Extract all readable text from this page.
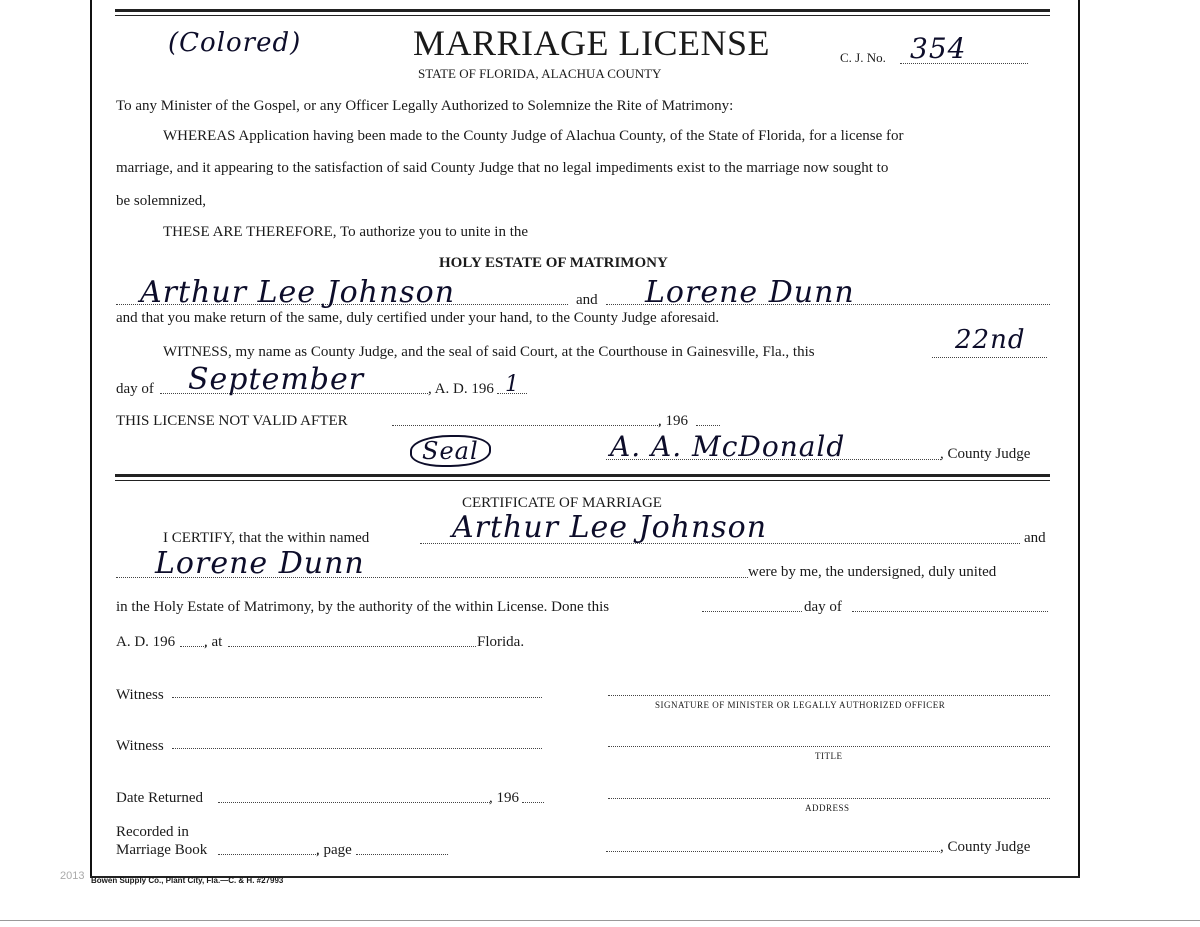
(Colored)	MARRIAGE LICENSE
STATE OF FLORIDA, ALACHUA COUNTY
C. J. No. 354
To any Minister of the Gospel, or any Officer Legally Authorized to Solemnize the Rite of Matrimony:
WHEREAS Application having been made to the County Judge of Alachua County, of the State of Florida, for a license for
marriage, and it appearing to the satisfaction of said County Judge that no legal impediments exist to the marriage now sought to
be solemnized,
THESE ARE THEREFORE, To authorize you to unite in the
HOLY ESTATE OF MATRIMONY
Arthur Lee Johnson	and Lorene Dunn
and that you make return of the same, duly certified under your hand, to the County Judge aforesaid.
WITNESS, my name as County Judge, and the seal of said Court, at the Courthouse in Gainesville, Fla., this	22nd
day of September	, A. D. 196 1
THIS LICENSE NOT VALID AFTER	, 196
Seal	A. A. McDonald	, County Judge
CERTIFICATE OF MARRIAGE
I CERTIFY, that the within named	Arthur Lee Johnson	and
Lorene Dunn	were by me, the undersigned, duly united
in the Holy Estate of Matrimony, by the authority of the within License. Done this	day of
A. D. 196 , at	Florida.
Witness
SIGNATURE OF MINISTER OR LEGALLY AUTHORIZED OFFICER
Witness
TITLE
Date Returned	, 196
ADDRESS
Recorded in
Marriage Book	, page	, County Judge
2013 Bowen Supply Co., Plant City, Fla.—C. & H. #27993
